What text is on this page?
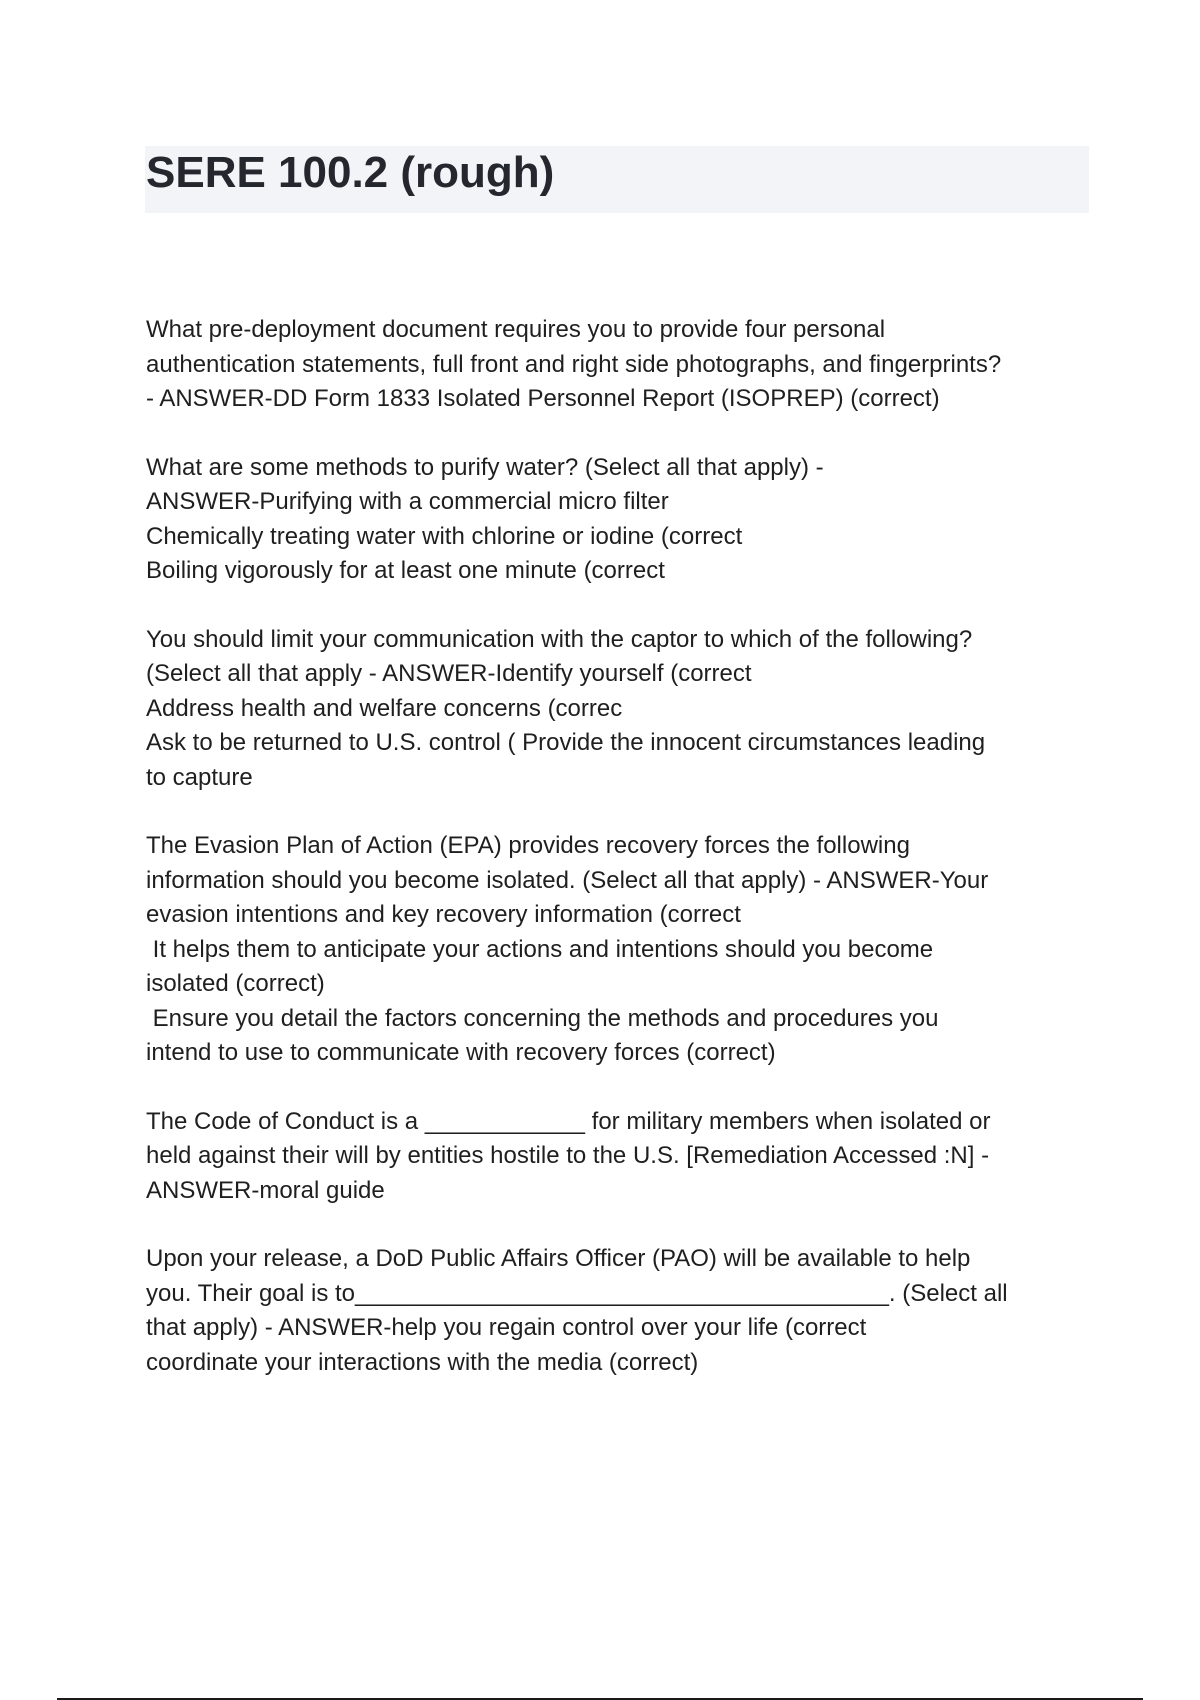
SERE 100.2 (rough)
What pre-deployment document requires you to provide four personal
authentication statements, full front and right side photographs, and fingerprints?
- ANSWER-DD Form 1833 Isolated Personnel Report (ISOPREP) (correct)
What are some methods to purify water? (Select all that apply) -
ANSWER-Purifying with a commercial micro filter
Chemically treating water with chlorine or iodine (correct
Boiling vigorously for at least one minute (correct
You should limit your communication with the captor to which of the following?
(Select all that apply - ANSWER-Identify yourself (correct
Address health and welfare concerns (correc
Ask to be returned to U.S. control ( Provide the innocent circumstances leading
to capture
The Evasion Plan of Action (EPA) provides recovery forces the following
information should you become isolated. (Select all that apply) - ANSWER-Your
evasion intentions and key recovery information (correct
It helps them to anticipate your actions and intentions should you become
isolated (correct)
Ensure you detail the factors concerning the methods and procedures you
intend to use to communicate with recovery forces (correct)
The Code of Conduct is a ____________ for military members when isolated or
held against their will by entities hostile to the U.S. [Remediation Accessed :N] -
ANSWER-moral guide
Upon your release, a DoD Public Affairs Officer (PAO) will be available to help
you. Their goal is to________________________________________. (Select all
that apply) - ANSWER-help you regain control over your life (correct
coordinate your interactions with the media (correct)
